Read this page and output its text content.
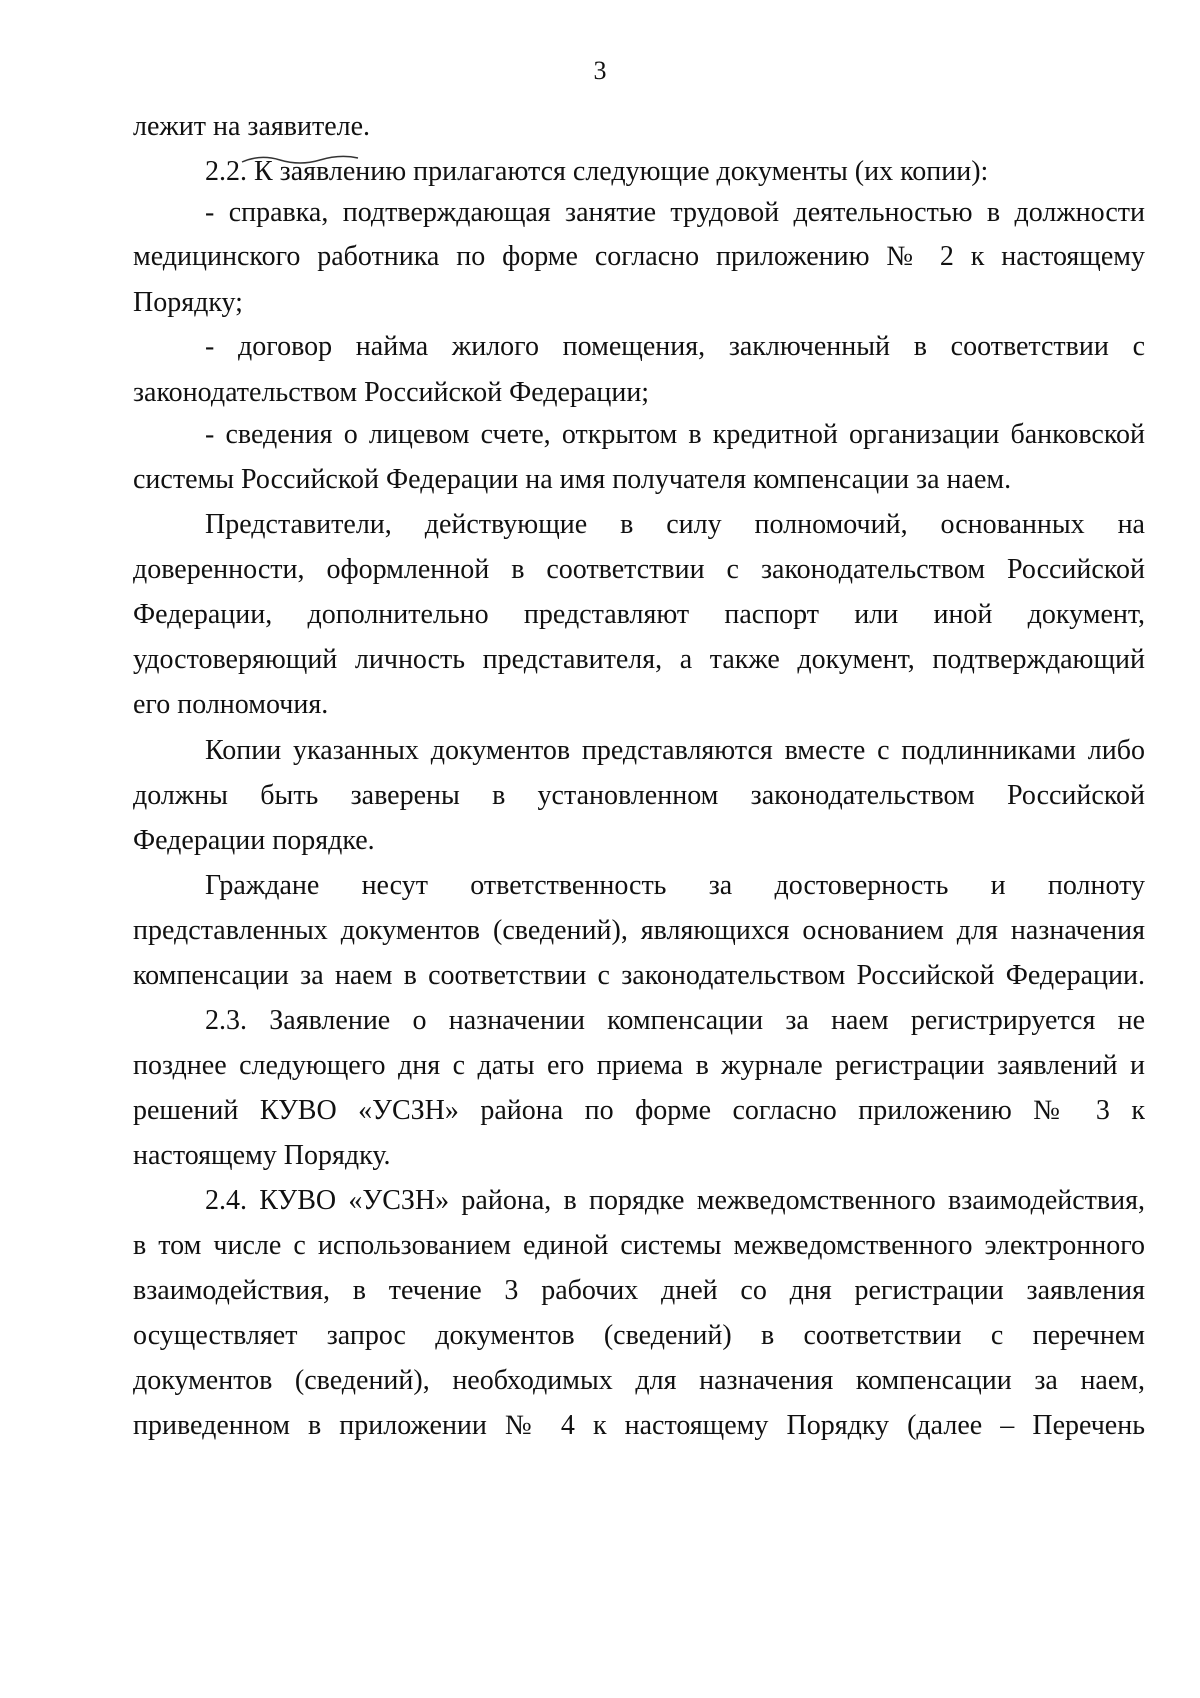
3
лежит на заявителе.
2.2. К заявлению прилагаются следующие документы (их копии):
- справка, подтверждающая занятие трудовой деятельностью в должности
медицинского работника по форме согласно приложению № 2 к настоящему
Порядку;
- договор найма жилого помещения, заключенный в соответствии с
законодательством Российской Федерации;
- сведения о лицевом счете, открытом в кредитной организации банковской
системы Российской Федерации на имя получателя компенсации за наем.
Представители, действующие в силу полномочий, основанных на
доверенности, оформленной в соответствии с законодательством Российской
Федерации, дополнительно представляют паспорт или иной документ,
удостоверяющий личность представителя, а также документ, подтверждающий
его полномочия.
Копии указанных документов представляются вместе с подлинниками либо
должны быть заверены в установленном законодательством Российской
Федерации порядке.
Граждане несут ответственность за достоверность и полноту
представленных документов (сведений), являющихся основанием для назначения
компенсации за наем в соответствии с законодательством Российской Федерации.
2.3. Заявление о назначении компенсации за наем регистрируется не
позднее следующего дня с даты его приема в журнале регистрации заявлений и
решений КУВО «УСЗН» района по форме согласно приложению № 3 к
настоящему Порядку.
2.4. КУВО «УСЗН» района, в порядке межведомственного взаимодействия,
в том числе с использованием единой системы межведомственного электронного
взаимодействия, в течение 3 рабочих дней со дня регистрации заявления
осуществляет запрос документов (сведений) в соответствии с перечнем
документов (сведений), необходимых для назначения компенсации за наем,
приведенном в приложении № 4 к настоящему Порядку (далее – Перечень
